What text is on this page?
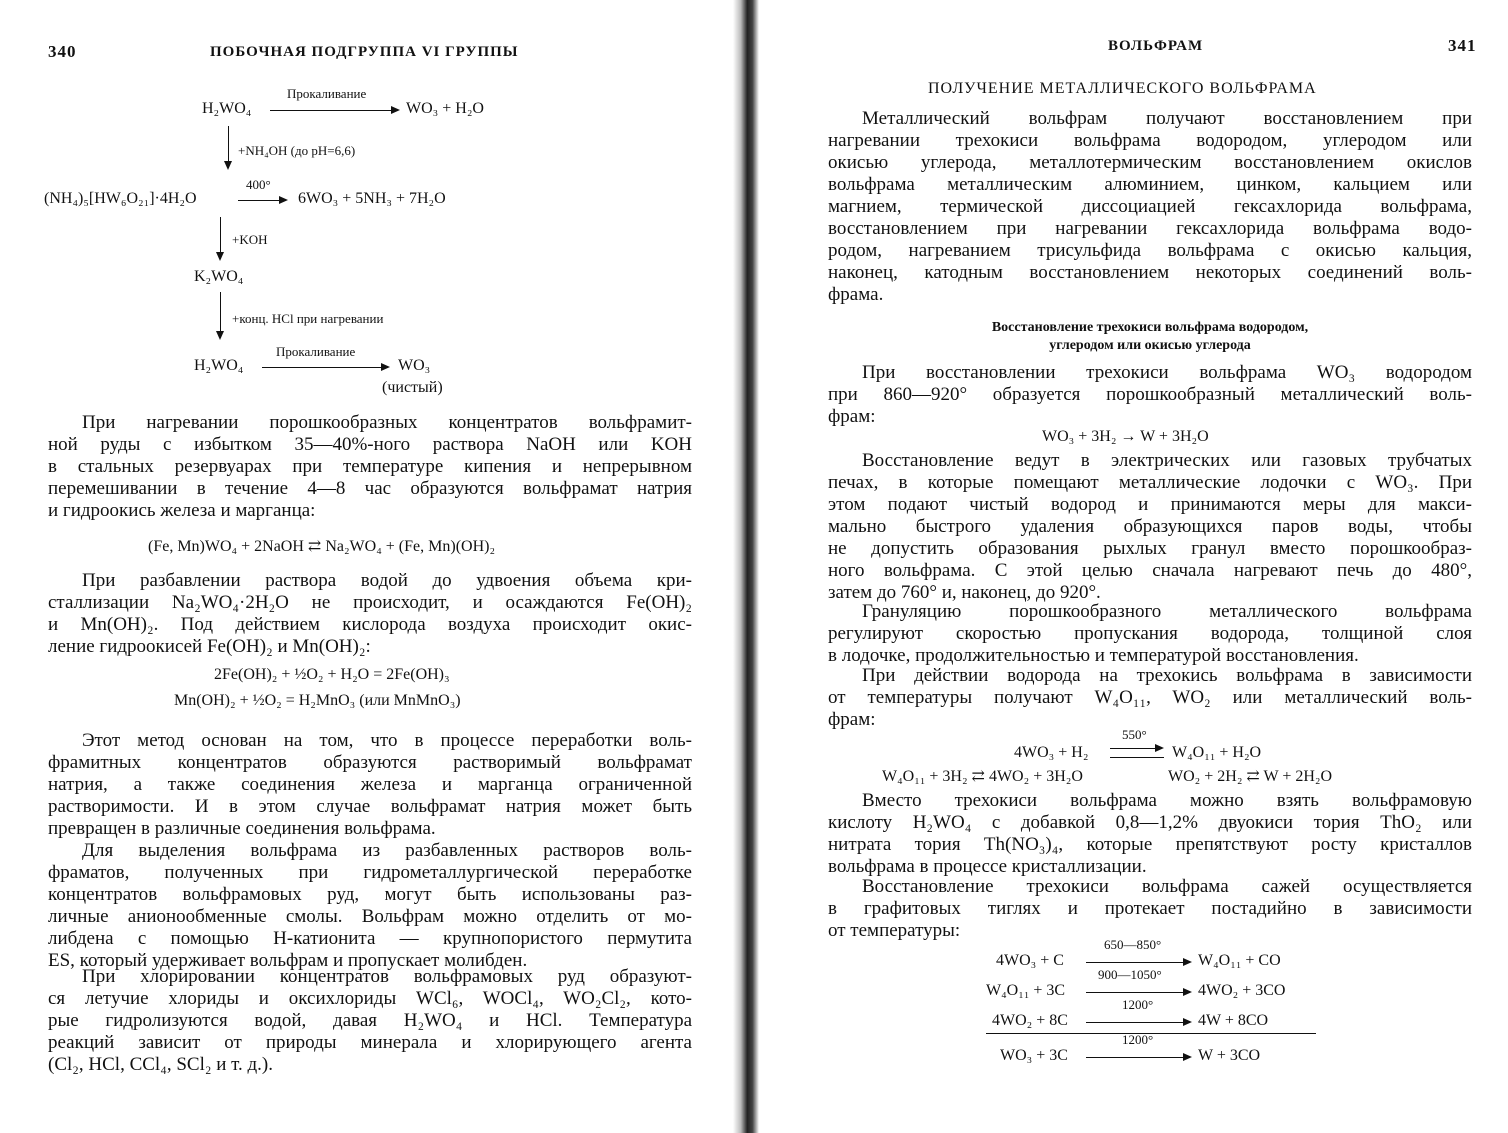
340	ПОБОЧНАЯ ПОДГРУППА VI ГРУППЫ
H₂WO₄
Прокаливание
WO₃ + H₂O
+NH₄OH (до pH=6,6)
(NH₄)₅[HW₆O₂₁]·4H₂O
400°
6WO₃ + 5NH₃ + 7H₂O
+KOH
K₂WO₄
+конц. HCl при нагревании
H₂WO₄
Прокаливание
WO₃
(чистый)
При нагревании порошкообразных концентратов вольфрамит-
ной руды с избытком 35—40%-ного раствора NaOH или KOH
в стальных резервуарах при температуре кипения и непрерывном
перемешивании в течение 4—8 час образуются вольфрамат натрия
и гидроокись железа и марганца:
(Fe, Mn)WO₄ + 2NaOH ⇄ Na₂WO₄ + (Fe, Mn)(OH)₂
При разбавлении раствора водой до удвоения объема кри-
сталлизации Na₂WO₄·2H₂O не происходит, и осаждаются Fe(OH)₂
и Mn(OH)₂. Под действием кислорода воздуха происходит окис-
ление гидроокисей Fe(OH)₂ и Mn(OH)₂:
2Fe(OH)₂ + ½O₂ + H₂O = 2Fe(OH)₃
Mn(OH)₂ + ½O₂ = H₂MnO₃ (или MnMnO₃)
Этот метод основан на том, что в процессе переработки воль-
фрамитных концентратов образуются растворимый вольфрамат
натрия, а также соединения железа и марганца ограниченной
растворимости. И в этом случае вольфрамат натрия может быть
превращен в различные соединения вольфрама.
Для выделения вольфрама из разбавленных растворов воль-
фраматов, полученных при гидрометаллургической переработке
концентратов вольфрамовых руд, могут быть использованы раз-
личные анионообменные смолы. Вольфрам можно отделить от мо-
либдена с помощью H-катионита — крупнопористого пермутита
ES, который удерживает вольфрам и пропускает молибден.
При хлорировании концентратов вольфрамовых руд образуют-
ся летучие хлориды и оксихлориды WCl₆, WOCl₄, WO₂Cl₂, кото-
рые гидролизуются водой, давая H₂WO₄ и HCl. Температура
реакций зависит от природы минерала и хлорирующего агента
(Cl₂, HCl, CCl₄, SCl₂ и т. д.).
ВОЛЬФРАМ	341
ПОЛУЧЕНИЕ МЕТАЛЛИЧЕСКОГО ВОЛЬФРАМА
Металлический вольфрам получают восстановлением при
нагревании трехокиси вольфрама водородом, углеродом или
окисью углерода, металлотермическим восстановлением окислов
вольфрама металлическим алюминием, цинком, кальцием или
магнием, термической диссоциацией гексахлорида вольфрама,
восстановлением при нагревании гексахлорида вольфрама водо-
родом, нагреванием трисульфида вольфрама с окисью кальция,
наконец, катодным восстановлением некоторых соединений воль-
фрама.
Восстановление трехокиси вольфрама водородом,
углеродом или окисью углерода
При восстановлении трехокиси вольфрама WO₃ водородом
при 860—920° образуется порошкообразный металлический воль-
фрам:
WO₃ + 3H₂ → W + 3H₂O
Восстановление ведут в электрических или газовых трубчатых
печах, в которые помещают металлические лодочки с WO₃. При
этом подают чистый водород и принимаются меры для макси-
мально быстрого удаления образующихся паров воды, чтобы
не допустить образования рыхлых гранул вместо порошкообраз-
ного вольфрама. С этой целью сначала нагревают печь до 480°,
затем до 760° и, наконец, до 920°.
Грануляцию порошкообразного металлического вольфрама
регулируют скоростью пропускания водорода, толщиной слоя
в лодочке, продолжительностью и температурой восстановления.
При действии водорода на трехокись вольфрама в зависимости
от температуры получают W₄O₁₁, WO₂ или металлический воль-
фрам:
4WO₃ + H₂
550°
W₄O₁₁ + H₂O
W₄O₁₁ + 3H₂ ⇄ 4WO₂ + 3H₂O	WO₂ + 2H₂ ⇄ W + 2H₂O
Вместо трехокиси вольфрама можно взять вольфрамовую
кислоту H₂WO₄ с добавкой 0,8—1,2% двуокиси тория ThO₂ или
нитрата тория Th(NO₃)₄, которые препятствуют росту кристаллов
вольфрама в процессе кристаллизации.
Восстановление трехокиси вольфрама сажей осуществляется
в графитовых тиглях и протекает постадийно в зависимости
от температуры:
4WO₃ + C
650—850°
W₄O₁₁ + CO
W₄O₁₁ + 3C
900—1050°
4WO₂ + 3CO
4WO₂ + 8C
1200°
4W + 8CO
WO₃ + 3C
1200°
W + 3CO
